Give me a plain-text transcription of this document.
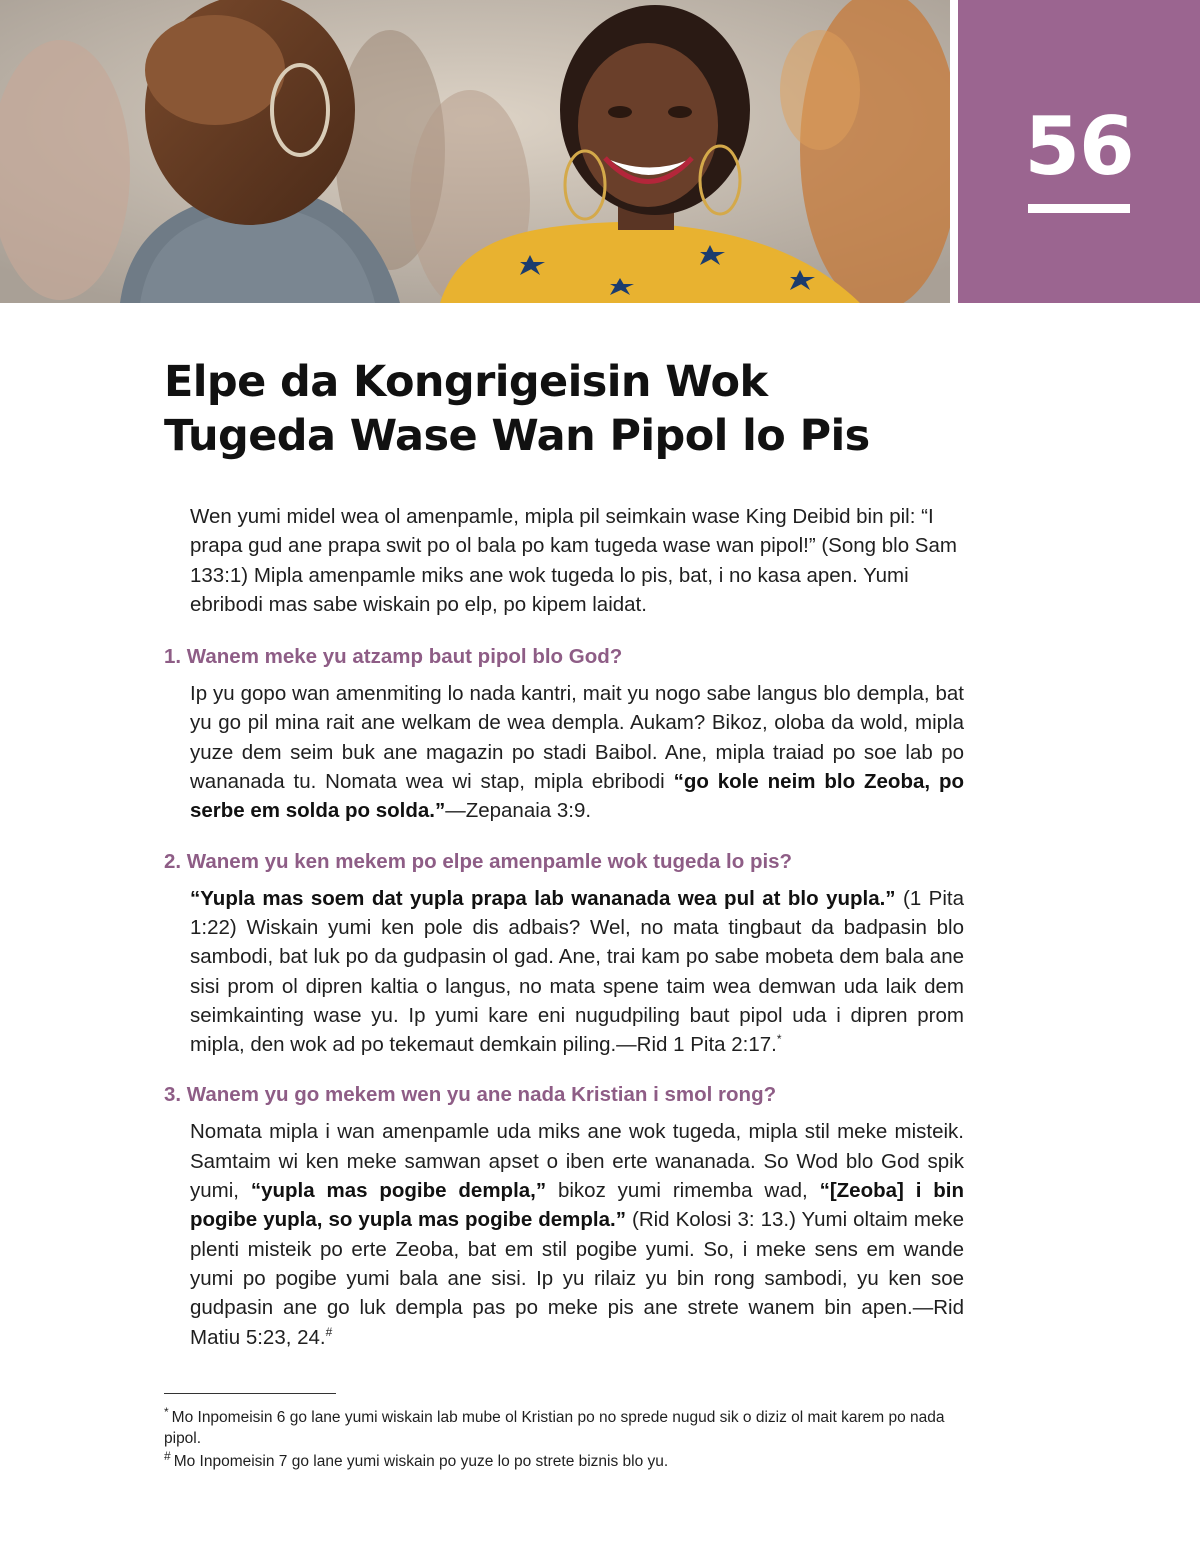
56
Elpe da Kongrigeisin Wok
Tugeda Wase Wan Pipol lo Pis

Wen yumi midel wea ol amenpamle, mipla pil seimkain wase King Deibid bin pil: “I prapa gud ane prapa swit po ol bala po kam tugeda wase wan pipol!” (Song blo Sam 133:1) Mipla amenpamle miks ane wok tugeda lo pis, bat, i no kasa apen. Yumi ebribodi mas sabe wiskain po elp, po kipem laidat.

1. Wanem meke yu atzamp baut pipol blo God?

Ip yu gopo wan amenmiting lo nada kantri, mait yu nogo sabe langus blo dempla, bat yu go pil mina rait ane welkam de wea dempla. Aukam? Bikoz, oloba da wold, mipla yuze dem seim buk ane magazin po stadi Baibol. Ane, mipla traiad po soe lab po wananada tu. Nomata wea wi stap, mipla ebribodi “go kole neim blo Zeoba, po serbe em solda po solda.”—Zepanaia 3:9.

2. Wanem yu ken mekem po elpe amenpamle wok tugeda lo pis?

“Yupla mas soem dat yupla prapa lab wananada wea pul at blo yupla.” (1 Pita 1:22) Wiskain yumi ken pole dis adbais? Wel, no mata tingbaut da badpasin blo sambodi, bat luk po da gudpasin ol gad. Ane, trai kam po sabe mobeta dem bala ane sisi prom ol dipren kaltia o langus, no mata spene taim wea demwan uda laik dem seimkainting wase yu. Ip yumi kare eni nugudpiling baut pipol uda i dipren prom mipla, den wok ad po tekemaut demkain piling.—Rid 1 Pita 2:17.*

3. Wanem yu go mekem wen yu ane nada Kristian i smol rong?

Nomata mipla i wan amenpamle uda miks ane wok tugeda, mipla stil meke misteik. Samtaim wi ken meke samwan apset o iben erte wananada. So Wod blo God spik yumi, “yupla mas pogibe dempla,” bikoz yumi rimemba wad, “[Zeoba] i bin pogibe yupla, so yupla mas pogibe dempla.” (Rid Kolosi 3: 13.) Yumi oltaim meke plenti misteik po erte Zeoba, bat em stil pogibe yumi. So, i meke sens em wande yumi po pogibe yumi bala ane sisi. Ip yu rilaiz yu bin rong sambodi, yu ken soe gudpasin ane go luk dempla pas po meke pis ane strete wanem bin apen.—Rid Matiu 5:23, 24.#

* Mo Inpomeisin 6 go lane yumi wiskain lab mube ol Kristian po no sprede nugud sik o diziz ol mait karem po nada pipol.

# Mo Inpomeisin 7 go lane yumi wiskain po yuze lo po strete biznis blo yu.
